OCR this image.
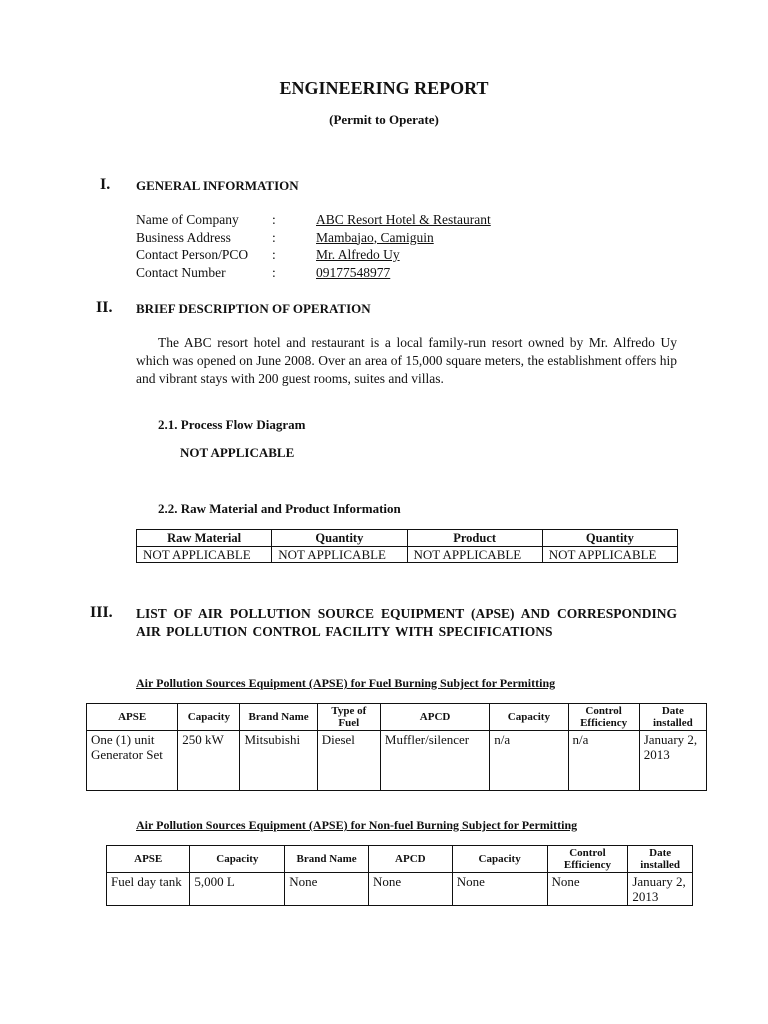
ENGINEERING REPORT
(Permit to Operate)
I. GENERAL INFORMATION
Name of Company :	ABC Resort Hotel & Restaurant
Business Address	:	Mambajao, Camiguin
Contact Person/PCO :	Mr. Alfredo Uy
Contact Number	:	09177548977
II. BRIEF DESCRIPTION OF OPERATION
The ABC resort hotel and restaurant is a local family-run resort owned by Mr. Alfredo Uy which was opened on June 2008. Over an area of 15,000 square meters, the establishment offers hip and vibrant stays with 200 guest rooms, suites and villas.
2.1. Process Flow Diagram
NOT APPLICABLE
2.2. Raw Material and Product Information
Raw Material	Quantity	Product	Quantity
NOT APPLICABLE	NOT APPLICABLE	NOT APPLICABLE	NOT APPLICABLE
III. LIST OF AIR POLLUTION SOURCE EQUIPMENT (APSE) AND CORRESPONDING AIR POLLUTION CONTROL FACILITY WITH SPECIFICATIONS
Air Pollution Sources Equipment (APSE) for Fuel Burning Subject for Permitting
APSE	Capacity	Brand Name	Type of Fuel	APCD	Capacity	Control Efficiency	Date installed
One (1) unit Generator Set	250 kW	Mitsubishi	Diesel	Muffler/silencer	n/a	n/a	January 2, 2013
Air Pollution Sources Equipment (APSE) for Non-fuel Burning Subject for Permitting
APSE	Capacity	Brand Name	APCD	Capacity	Control Efficiency	Date installed
Fuel day tank	5,000 L	None	None	None	None	January 2, 2013
